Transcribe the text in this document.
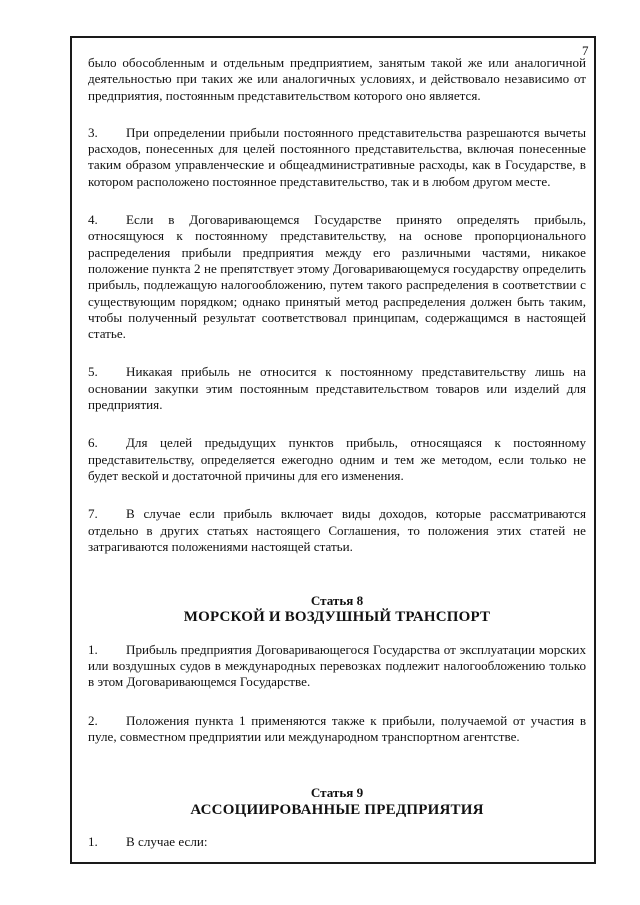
7

было обособленным и отдельным предприятием, занятым такой же или аналогичной деятельностью при таких же или аналогичных условиях, и действовало независимо от предприятия, постоянным представительством которого оно является.

3. При определении прибыли постоянного представительства разрешаются вычеты расходов, понесенных для целей постоянного представительства, включая понесенные таким образом управленческие и общеадминистративные расходы, как в Государстве, в котором расположено постоянное представительство, так и в любом другом месте.

4. Если в Договаривающемся Государстве принято определять прибыль, относящуюся к постоянному представительству, на основе пропорционального распределения прибыли предприятия между его различными частями, никакое положение пункта 2 не препятствует этому Договаривающемуся государству определить прибыль, подлежащую налогообложению, путем такого распределения в соответствии с существующим порядком; однако принятый метод распределения должен быть таким, чтобы полученный результат соответствовал принципам, содержащимся в настоящей статье.

5. Никакая прибыль не относится к постоянному представительству лишь на основании закупки этим постоянным представительством товаров или изделий для предприятия.

6. Для целей предыдущих пунктов прибыль, относящаяся к постоянному представительству, определяется ежегодно одним и тем же методом, если только не будет веской и достаточной причины для его изменения.

7. В случае если прибыль включает виды доходов, которые рассматриваются отдельно в других статьях настоящего Соглашения, то положения этих статей не затрагиваются положениями настоящей статьи.

Статья 8

МОРСКОЙ И ВОЗДУШНЫЙ ТРАНСПОРТ

1. Прибыль предприятия Договаривающегося Государства от эксплуатации морских или воздушных судов в международных перевозках подлежит налогообложению только в этом Договаривающемся Государстве.

2. Положения пункта 1 применяются также к прибыли, получаемой от участия в пуле, совместном предприятии или международном транспортном агентстве.

Статья 9

АССОЦИИРОВАННЫЕ ПРЕДПРИЯТИЯ

1. В случае если:
